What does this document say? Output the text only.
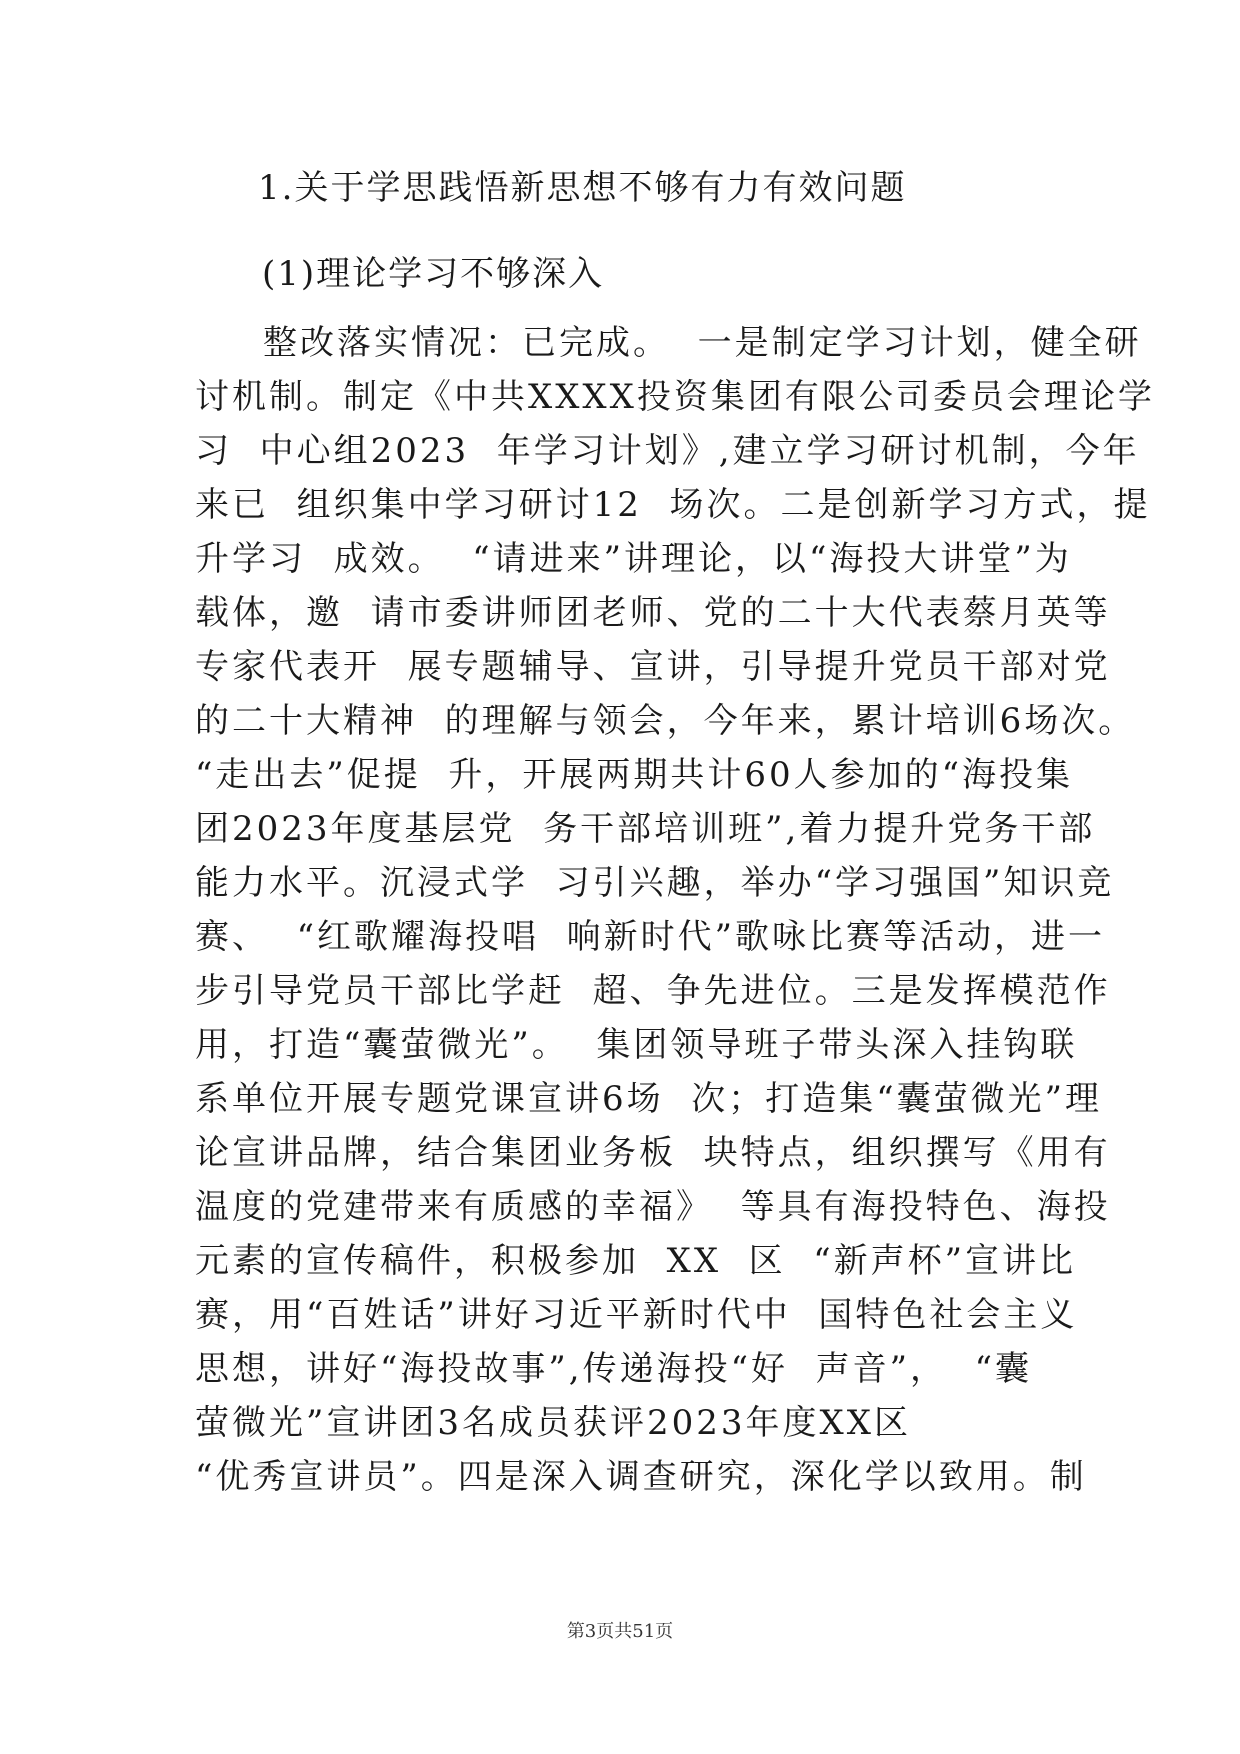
1.关于学思践悟新思想不够有力有效问题
(1)理论学习不够深入
整改落实情况：已完成。  一是制定学习计划，健全研
讨机制。制定《中共XXXX投资集团有限公司委员会理论学
习  中心组2023  年学习计划》,建立学习研讨机制，今年
来已  组织集中学习研讨12  场次。二是创新学习方式，提
升学习  成效。  “请进来”讲理论，以“海投大讲堂”为
载体，邀  请市委讲师团老师、党的二十大代表蔡月英等
专家代表开  展专题辅导、宣讲，引导提升党员干部对党
的二十大精神  的理解与领会，今年来，累计培训6场次。
“走出去”促提  升，开展两期共计60人参加的“海投集
团2023年度基层党  务干部培训班”,着力提升党务干部
能力水平。沉浸式学  习引兴趣，举办“学习强国”知识竞
赛、  “红歌耀海投唱  响新时代”歌咏比赛等活动，进一
步引导党员干部比学赶  超、争先进位。三是发挥模范作
用，打造“囊萤微光”。  集团领导班子带头深入挂钩联
系单位开展专题党课宣讲6场  次；打造集“囊萤微光”理
论宣讲品牌，结合集团业务板  块特点，组织撰写《用有
温度的党建带来有质感的幸福》  等具有海投特色、海投
元素的宣传稿件，积极参加  XX  区  “新声杯”宣讲比
赛，用“百姓话”讲好习近平新时代中  国特色社会主义
思想，讲好“海投故事”,传递海投“好  声音”，  “囊
萤微光”宣讲团3名成员获评2023年度XX区
“优秀宣讲员”。四是深入调查研究，深化学以致用。制
第3页共51页
